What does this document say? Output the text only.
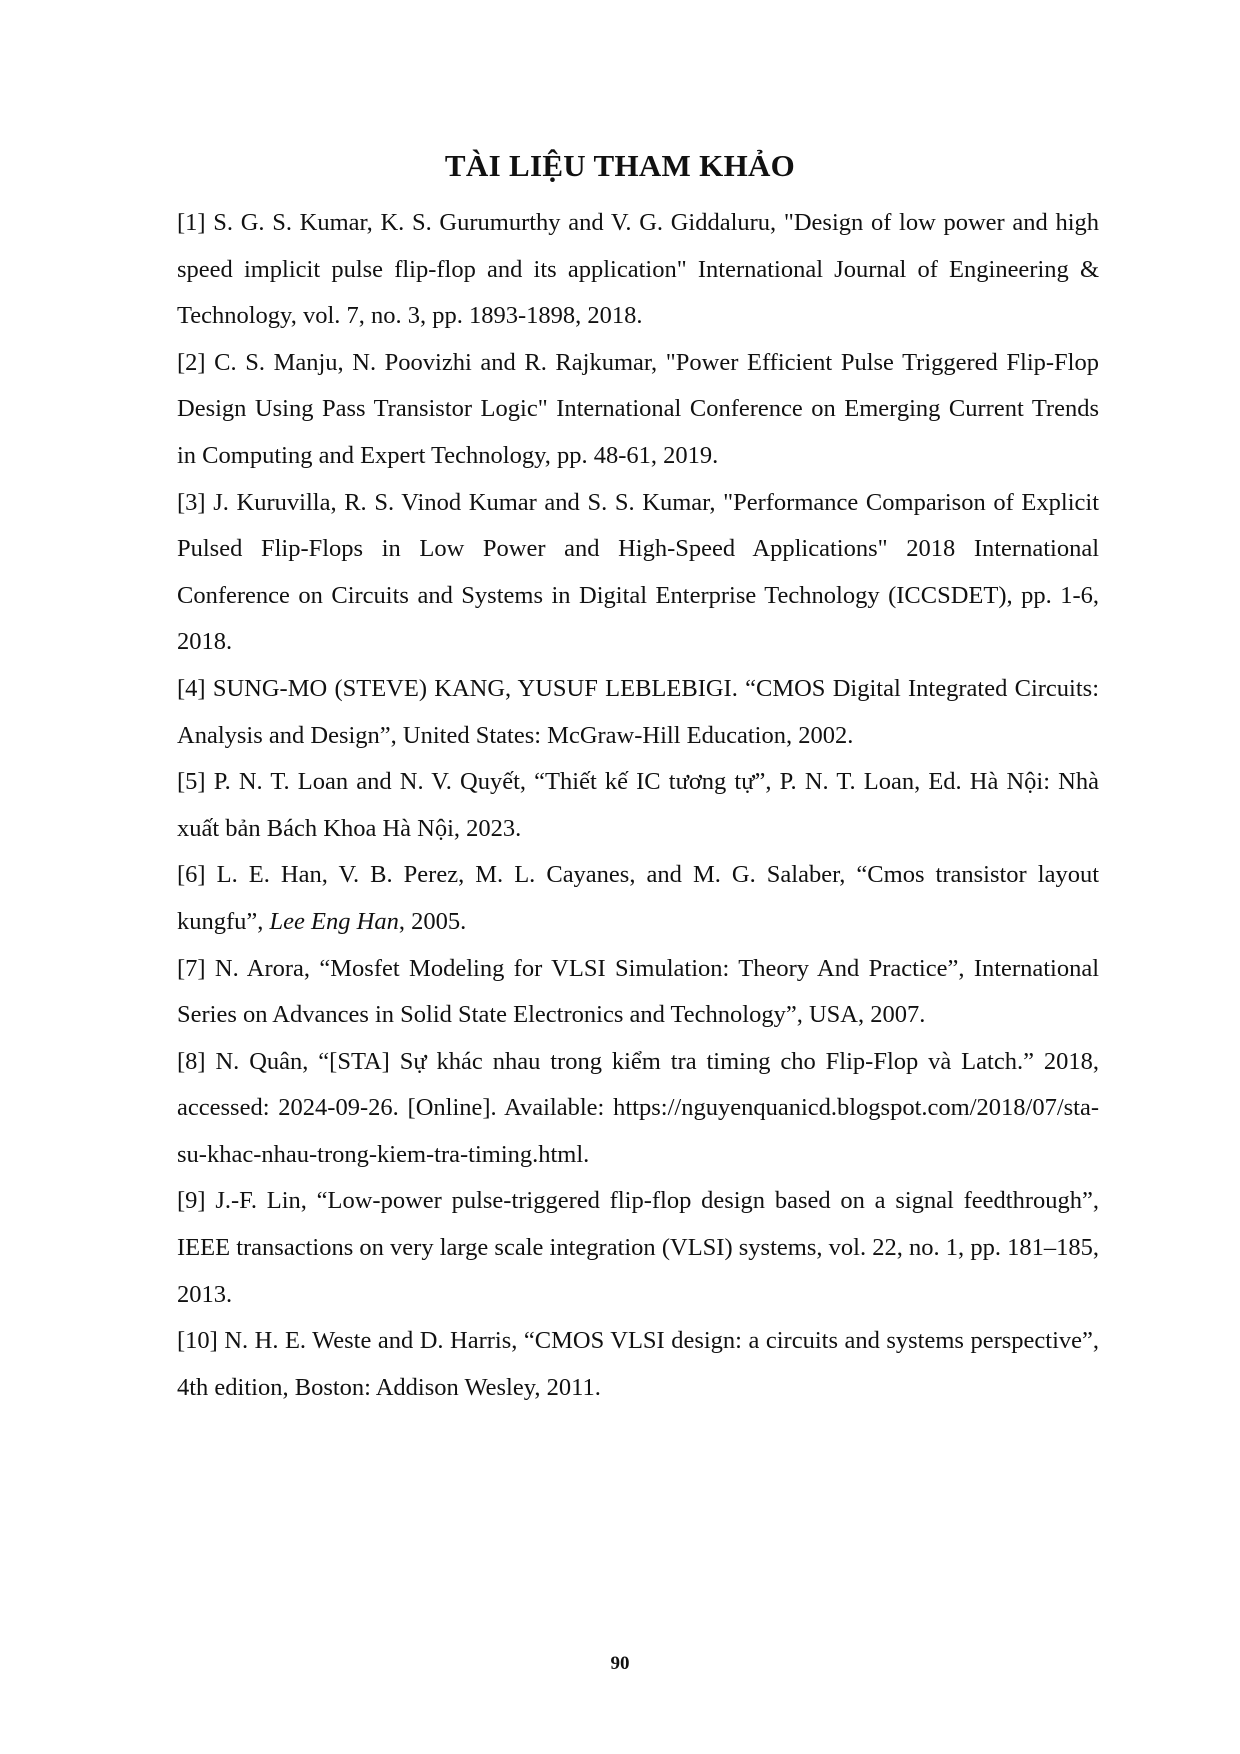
TÀI LIỆU THAM KHẢO

[1] S. G. S. Kumar, K. S. Gurumurthy and V. G. Giddaluru, "Design of low power and high speed implicit pulse flip-flop and its application" International Journal of Engineering & Technology, vol. 7, no. 3, pp. 1893-1898, 2018.

[2] C. S. Manju, N. Poovizhi and R. Rajkumar, "Power Efficient Pulse Triggered Flip-Flop Design Using Pass Transistor Logic" International Conference on Emerging Current Trends in Computing and Expert Technology, pp. 48-61, 2019.

[3] J. Kuruvilla, R. S. Vinod Kumar and S. S. Kumar, "Performance Comparison of Explicit Pulsed Flip-Flops in Low Power and High-Speed Applications" 2018 International Conference on Circuits and Systems in Digital Enterprise Technology (ICCSDET), pp. 1-6, 2018.

[4] SUNG-MO (STEVE) KANG, YUSUF LEBLEBIGI. “CMOS Digital Integrated Circuits: Analysis and Design”, United States: McGraw-Hill Education, 2002.

[5] P. N. T. Loan and N. V. Quyết, “Thiết kế IC tương tự”, P. N. T. Loan, Ed. Hà Nội: Nhà xuất bản Bách Khoa Hà Nội, 2023.

[6] L. E. Han, V. B. Perez, M. L. Cayanes, and M. G. Salaber, “Cmos transistor layout kungfu”, Lee Eng Han, 2005.

[7] N. Arora, “Mosfet Modeling for VLSI Simulation: Theory And Practice”, International Series on Advances in Solid State Electronics and Technology”, USA, 2007.

[8] N. Quân, “[STA] Sự khác nhau trong kiểm tra timing cho Flip-Flop và Latch.” 2018, accessed: 2024-09-26. [Online]. Available: https://nguyenquanicd.blogspot.com/2018/07/sta-su-khac-nhau-trong-kiem-tra-timing.html.

[9] J.-F. Lin, “Low-power pulse-triggered flip-flop design based on a signal feedthrough”, IEEE transactions on very large scale integration (VLSI) systems, vol. 22, no. 1, pp. 181–185, 2013.

[10] N. H. E. Weste and D. Harris, “CMOS VLSI design: a circuits and systems perspective”, 4th edition, Boston: Addison Wesley, 2011.

90
